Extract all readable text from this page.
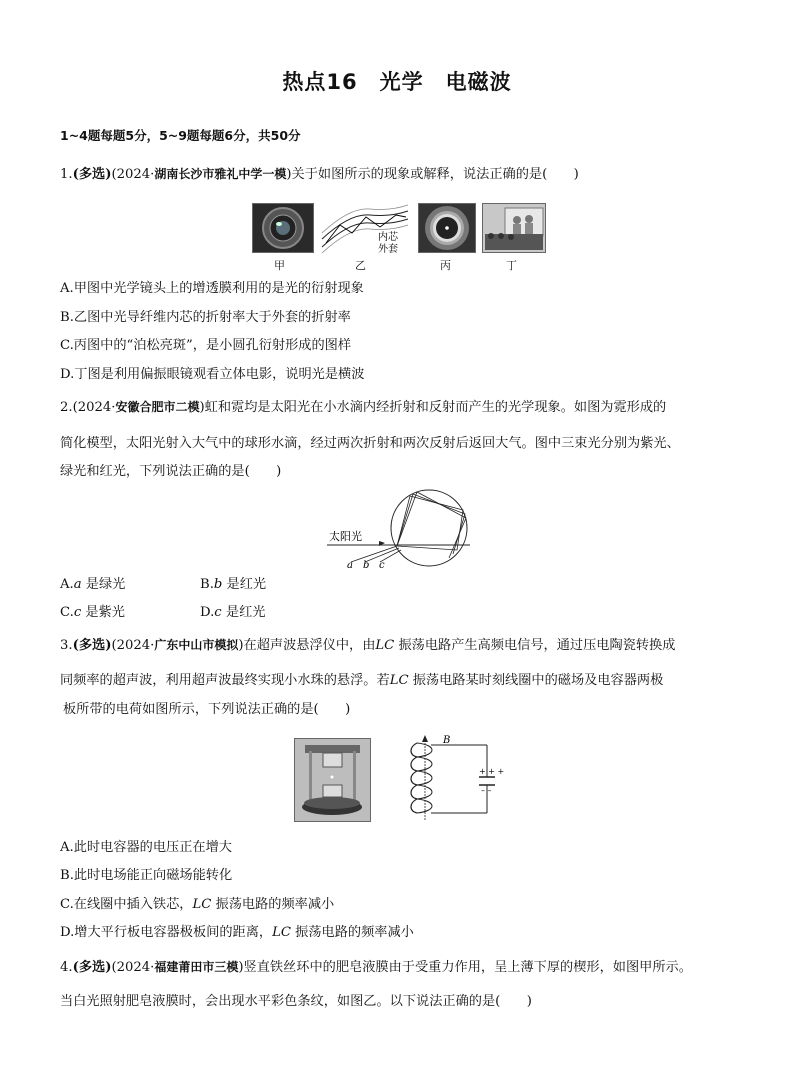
热点16　光学　电磁波
1~4题每题5分，5~9题每题6分，共50分
1.(多选)(2024·湖南长沙市雅礼中学一模)关于如图所示的现象或解释，说法正确的是(　　)
内芯
外套
甲	乙	丙	丁
A.甲图中光学镜头上的增透膜利用的是光的衍射现象
B.乙图中光导纤维内芯的折射率大于外套的折射率
C.丙图中的“泊松亮斑”，是小圆孔衍射形成的图样
D.丁图是利用偏振眼镜观看立体电影，说明光是横波
2.(2024·安徽合肥市二模)虹和霓均是太阳光在小水滴内经折射和反射而产生的光学现象。如图为霓形成的
简化模型，太阳光射入大气中的球形水滴，经过两次折射和两次反射后返回大气。图中三束光分别为紫光、
绿光和红光，下列说法正确的是(　　)
太阳光
a b c
A.a 是绿光	B.b 是红光
C.c 是紫光	D.c 是红光
3.(多选)(2024·广东中山市模拟)在超声波悬浮仪中，由LC 振荡电路产生高频电信号，通过压电陶瓷转换成
同频率的超声波，利用超声波最终实现小水珠的悬浮。若LC 振荡电路某时刻线圈中的磁场及电容器两极
板所带的电荷如图所示，下列说法正确的是(　　)
+ + +
– –
B
A.此时电容器的电压正在增大
B.此时电场能正向磁场能转化
C.在线圈中插入铁芯，LC 振荡电路的频率减小
D.增大平行板电容器极板间的距离，LC 振荡电路的频率减小
4.(多选)(2024·福建莆田市三模)竖直铁丝环中的肥皂液膜由于受重力作用，呈上薄下厚的楔形，如图甲所示。
当白光照射肥皂液膜时，会出现水平彩色条纹，如图乙。以下说法正确的是(　　)
